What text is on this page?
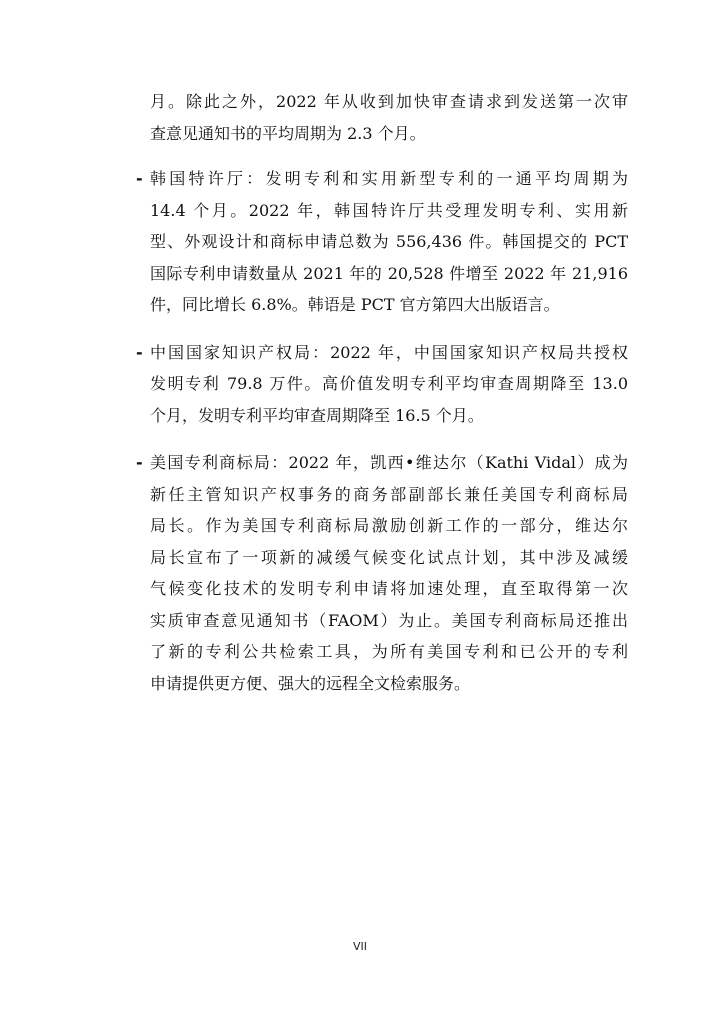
月。除此之外，2022 年从收到加快审查请求到发送第一次审
查意见通知书的平均周期为 2.3 个月。

- 韩国特许厅：发明专利和实用新型专利的一通平均周期为
14.4 个月。2022 年，韩国特许厅共受理发明专利、实用新
型、外观设计和商标申请总数为 556,436 件。韩国提交的 PCT
国际专利申请数量从 2021 年的 20,528 件增至 2022 年 21,916
件，同比增长 6.8%。韩语是 PCT 官方第四大出版语言。
- 中国国家知识产权局：2022 年，中国国家知识产权局共授权
发明专利 79.8 万件。高价值发明专利平均审查周期降至 13.0
个月，发明专利平均审查周期降至 16.5 个月。
- 美国专利商标局：2022 年，凯西•维达尔（Kathi Vidal）成为
新任主管知识产权事务的商务部副部长兼任美国专利商标局
局长。作为美国专利商标局激励创新工作的一部分，维达尔
局长宣布了一项新的减缓气候变化试点计划，其中涉及减缓
气候变化技术的发明专利申请将加速处理，直至取得第一次
实质审查意见通知书（FAOM）为止。美国专利商标局还推出
了新的专利公共检索工具，为所有美国专利和已公开的专利
申请提供更方便、强大的远程全文检索服务。
VII
